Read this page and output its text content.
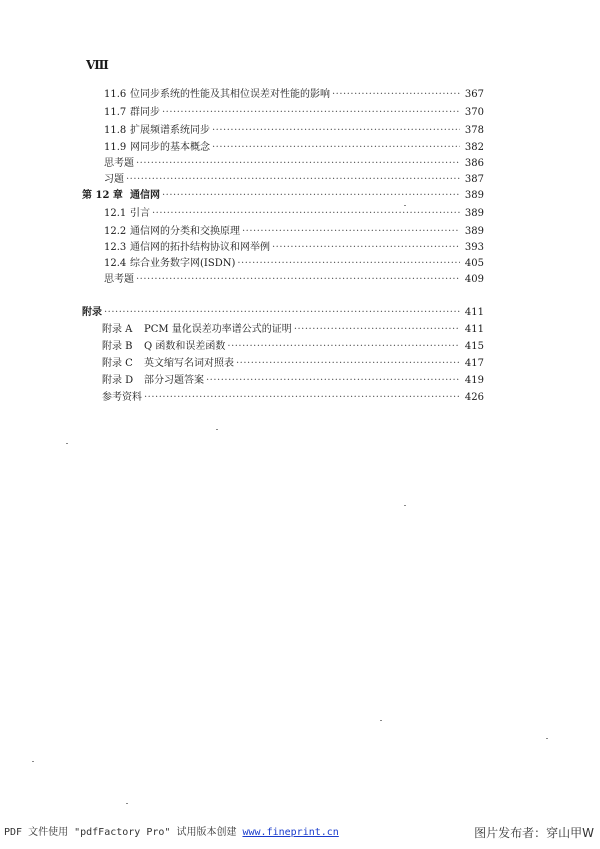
Ⅷ
11.6 位同步系统的性能及其相位误差对性能的影响 ·····	367
11.7 群同步 ·····	370
11.8 扩展频谱系统同步 ·····	378
11.9 网同步的基本概念 ·····	382
思考题 ·····	386
习题 ·····	387
第 12 章 通信网 ·····	389
12.1 引言 ·····	389
12.2 通信网的分类和交换原理 ·····	389
12.3 通信网的拓扑结构协议和网举例 ·····	393
12.4 综合业务数字网(ISDN) ·····	405
思考题 ·····	409
附录 ·····	411
附录 A	PCM 量化误差功率谱公式的证明 ·····	411
附录 B	Q 函数和误差函数 ·····	415
附录 C	英文缩写名词对照表 ·····	417
附录 D	部分习题答案 ·····	419
参考资料 ·····	426
PDF 文件使用 "pdfFactory Pro" 试用版本创建 www.fineprint.cn	图片发布者：穿山甲W
